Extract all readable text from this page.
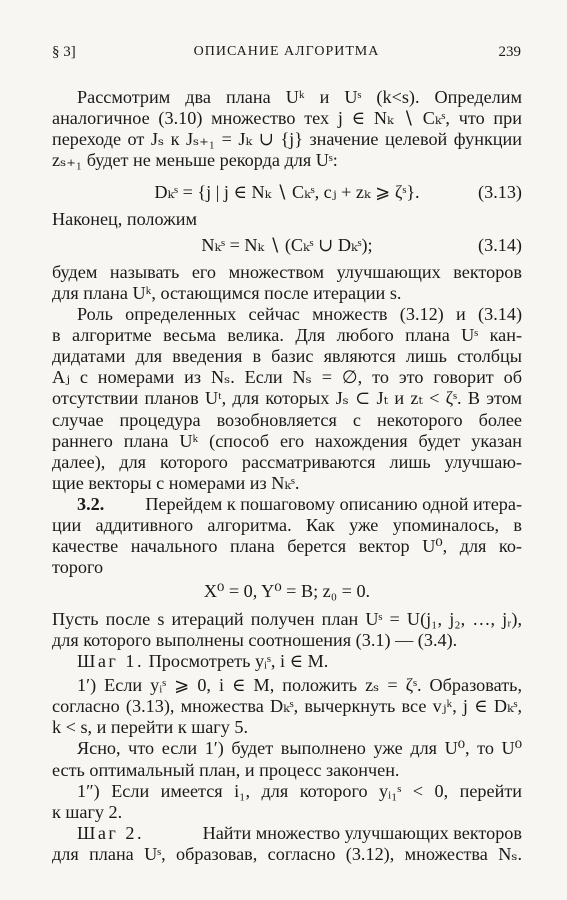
§ 3]	ОПИСАНИЕ АЛГОРИТМА	239
Рассмотрим два плана Uᵏ и Uˢ (k<s). Определим
аналогичное (3.10) множество тех j ∈ Nₖ ∖ Cₖˢ, что при
переходе от Jₛ к Jₛ₊₁ = Jₖ ∪ {j} значение целевой функции
zₛ₊₁ будет не меньше рекорда для Uˢ:
Dₖˢ = {j | j ∈ Nₖ ∖ Cₖˢ, cⱼ + zₖ ⩾ ζˢ}.	(3.13)
Наконец, положим
Nₖˢ = Nₖ ∖ (Cₖˢ ∪ Dₖˢ);	(3.14)
будем называть его множеством улучшающих векторов
для плана Uᵏ, остающимся после итерации s.
Роль определенных сейчас множеств (3.12) и (3.14)
в алгоритме весьма велика. Для любого плана Uˢ кан-
дидатами для введения в базис являются лишь столбцы
Aⱼ с номерами из Nₛ. Если Nₛ = ∅, то это говорит об
отсутствии планов Uᵗ, для которых Jₛ ⊂ Jₜ и zₜ < ζˢ. В этом
случае процедура возобновляется с некоторого более
раннего плана Uᵏ (способ его нахождения будет указан
далее), для которого рассматриваются лишь улучшаю-
щие векторы с номерами из Nₖˢ.
3.2. Перейдем к пошаговому описанию одной итера-
ции аддитивного алгоритма. Как уже упоминалось, в
качестве начального плана берется вектор U⁰, для ко-
торого
X⁰ = 0, Y⁰ = B; z₀ = 0.
Пусть после s итераций получен план Uˢ = U(j₁, j₂, …, jᵣ),
для которого выполнены соотношения (3.1) — (3.4).
Шаг 1. Просмотреть yᵢˢ, i ∈ M.
1′) Если yᵢˢ ⩾ 0, i ∈ M, положить zₛ = ζˢ. Образовать,
согласно (3.13), множества Dₖˢ, вычеркнуть все vⱼᵏ, j ∈ Dₖˢ,
k < s, и перейти к шагу 5.
Ясно, что если 1′) будет выполнено уже для U⁰, то U⁰
есть оптимальный план, и процесс закончен.
1″) Если имеется i₁, для которого yᵢ₁ˢ < 0, перейти
к шагу 2.
Шаг 2.	Найти множество улучшающих векторов
для плана Uˢ, образовав, согласно (3.12), множества Nₛ.
